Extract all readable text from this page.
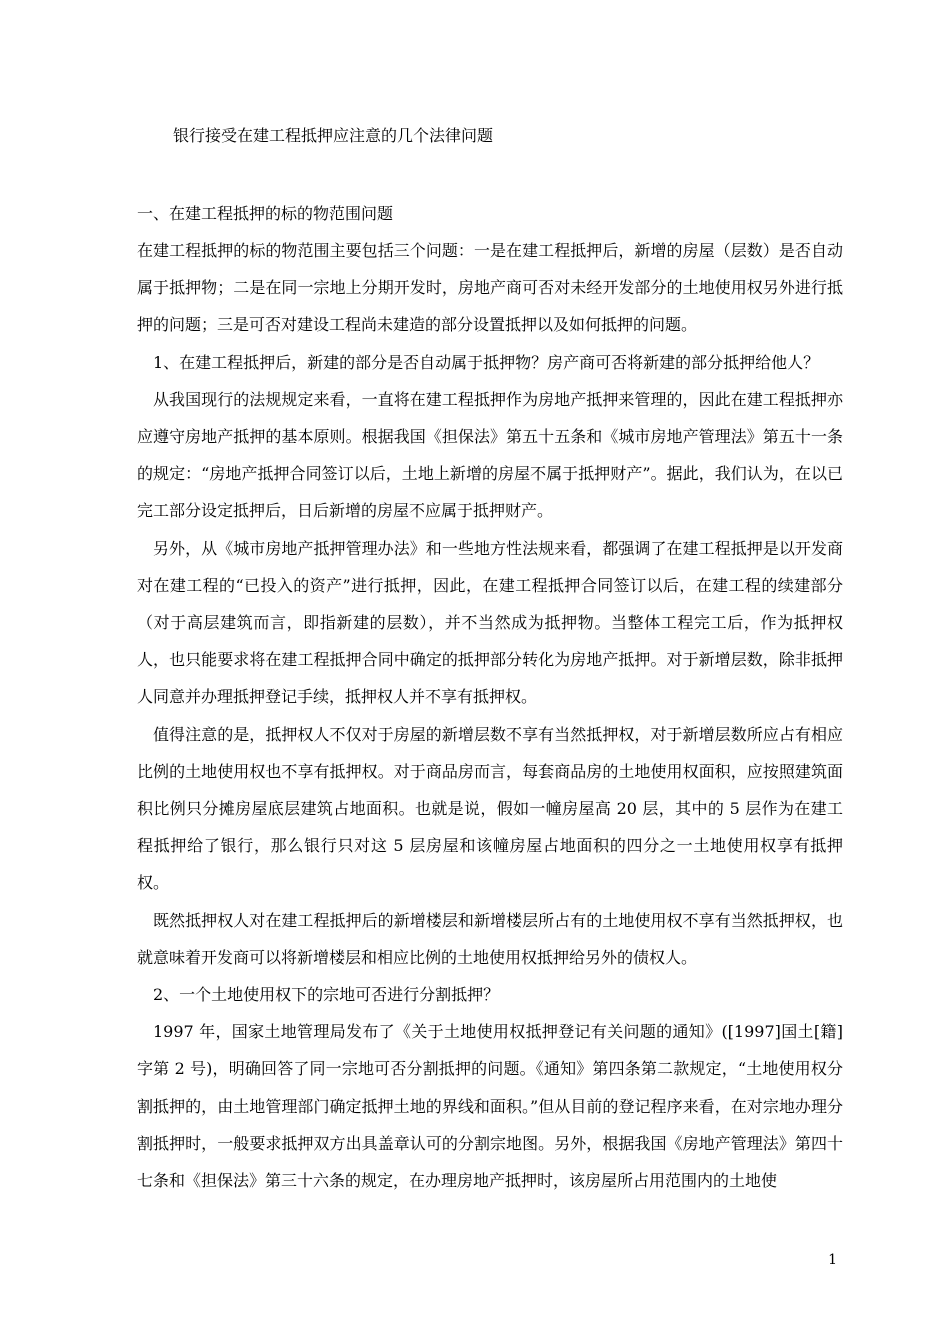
银行接受在建工程抵押应注意的几个法律问题
一、在建工程抵押的标的物范围问题

在建工程抵押的标的物范围主要包括三个问题：一是在建工程抵押后，新增的房屋（层数）是否自动属于抵押物；二是在同一宗地上分期开发时，房地产商可否对未经开发部分的土地使用权另外进行抵押的问题；三是可否对建设工程尚未建造的部分设置抵押以及如何抵押的问题。

1、在建工程抵押后，新建的部分是否自动属于抵押物？房产商可否将新建的部分抵押给他人？

从我国现行的法规规定来看，一直将在建工程抵押作为房地产抵押来管理的，因此在建工程抵押亦应遵守房地产抵押的基本原则。根据我国《担保法》第五十五条和《城市房地产管理法》第五十一条的规定：“房地产抵押合同签订以后，土地上新增的房屋不属于抵押财产”。据此，我们认为，在以已完工部分设定抵押后，日后新增的房屋不应属于抵押财产。

另外，从《城市房地产抵押管理办法》和一些地方性法规来看，都强调了在建工程抵押是以开发商对在建工程的“已投入的资产”进行抵押，因此，在建工程抵押合同签订以后，在建工程的续建部分（对于高层建筑而言，即指新建的层数），并不当然成为抵押物。当整体工程完工后，作为抵押权人，也只能要求将在建工程抵押合同中确定的抵押部分转化为房地产抵押。对于新增层数，除非抵押人同意并办理抵押登记手续，抵押权人并不享有抵押权。

值得注意的是，抵押权人不仅对于房屋的新增层数不享有当然抵押权，对于新增层数所应占有相应比例的土地使用权也不享有抵押权。对于商品房而言，每套商品房的土地使用权面积，应按照建筑面积比例只分摊房屋底层建筑占地面积。也就是说，假如一幢房屋高 20 层，其中的 5 层作为在建工程抵押给了银行，那么银行只对这 5 层房屋和该幢房屋占地面积的四分之一土地使用权享有抵押权。

既然抵押权人对在建工程抵押后的新增楼层和新增楼层所占有的土地使用权不享有当然抵押权，也就意味着开发商可以将新增楼层和相应比例的土地使用权抵押给另外的债权人。

2、一个土地使用权下的宗地可否进行分割抵押？

1997 年，国家土地管理局发布了《关于土地使用权抵押登记有关问题的通知》([1997]国土[籍]字第 2 号)，明确回答了同一宗地可否分割抵押的问题。《通知》第四条第二款规定，“土地使用权分割抵押的，由土地管理部门确定抵押土地的界线和面积。”但从目前的登记程序来看，在对宗地办理分割抵押时，一般要求抵押双方出具盖章认可的分割宗地图。另外，根据我国《房地产管理法》第四十七条和《担保法》第三十六条的规定，在办理房地产抵押时，该房屋所占用范围内的土地使

1
